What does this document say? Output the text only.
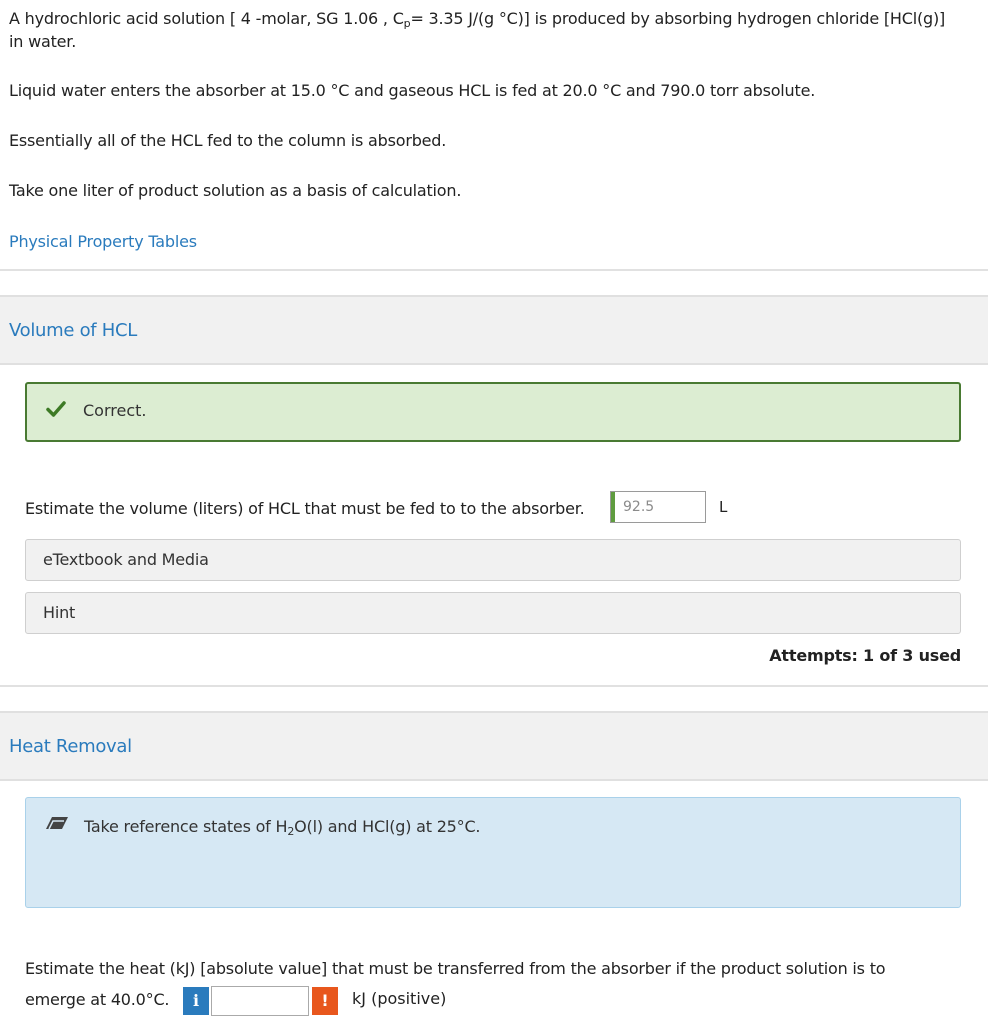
A hydrochloric acid solution [ 4 -molar, SG 1.06 , $C_p= 3.35$ J/(g °C)] is produced by absorbing hydrogen chloride [HCl(g)]

in water.

Liquid water enters the absorber at 15.0 °C and gaseous HCL is fed at 20.0 °C and 790.0 torr absolute.

Essentially all of the HCL fed to the column is absorbed.

Take one liter of product solution as a basis of calculation.

Physical Property Tables

Volume of HCL
Correct.
Estimate the volume (liters) of HCL that must be fed to to the absorber.	92.5	L
eTextbook and Media
Hint
Attempts: 1 of 3 used
Heat Removal
Take reference states of $H_2O(l)$ and HCl(g) at 25°C.
Estimate the heat (kJ) [absolute value] that must be transferred from the absorber if the product solution is to
emerge at 40.0°C.	i	!	kJ (positive)
